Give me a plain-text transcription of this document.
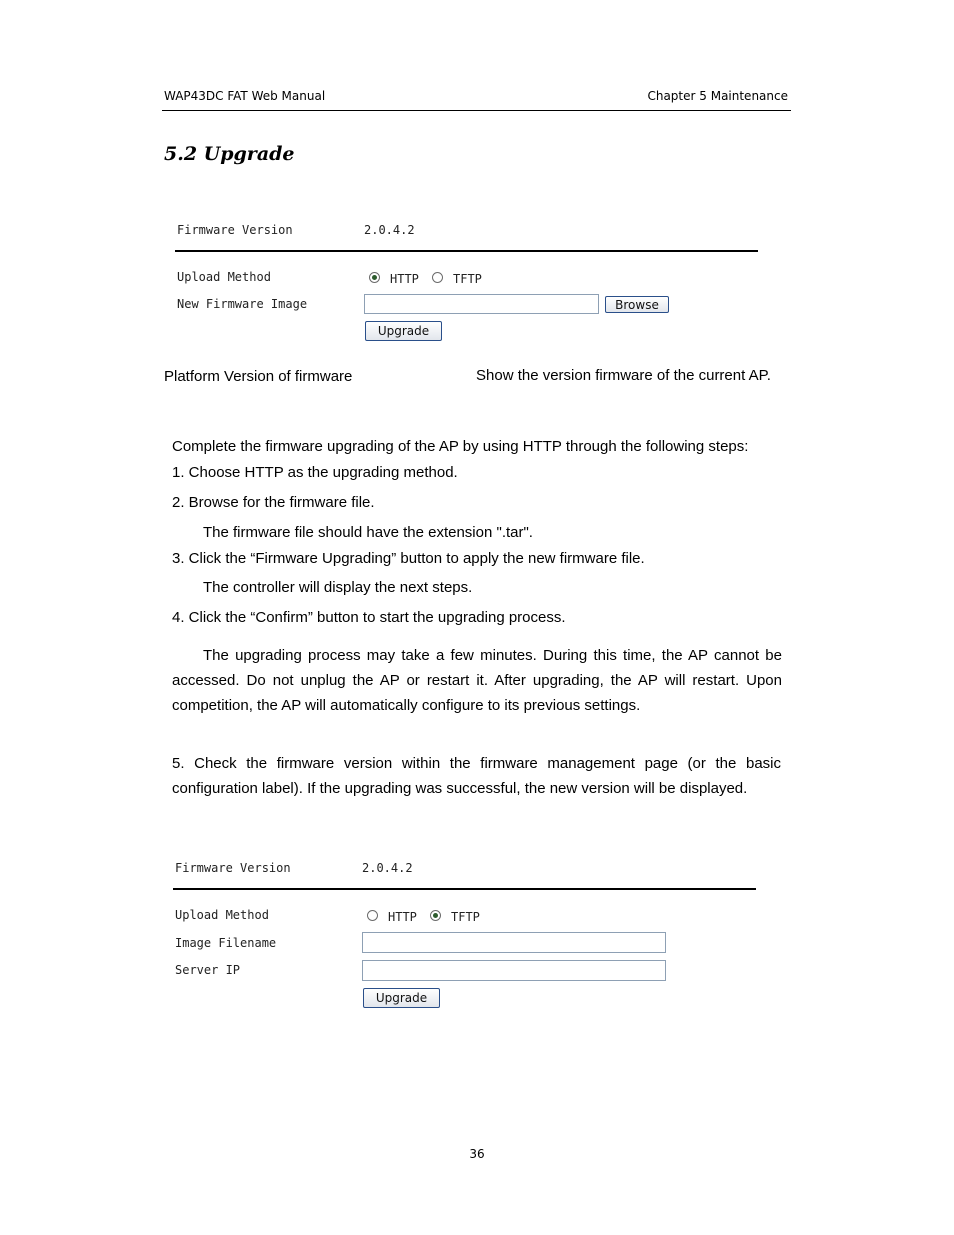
WAP43DC FAT Web Manual	Chapter 5 Maintenance
5.2 Upgrade
Firmware Version	2.0.4.2
Upload Method	HTTP	TFTP
New Firmware Image	Browse
Upgrade
Platform Version of firmware	Show the version firmware of the current AP.
Complete the firmware upgrading of the AP by using HTTP through the following steps:
1. Choose HTTP as the upgrading method.
2. Browse for the firmware file.
The firmware file should have the extension ".tar".
3. Click the “Firmware Upgrading” button to apply the new firmware file.
The controller will display the next steps.
4. Click the “Confirm” button to start the upgrading process.
The upgrading process may take a few minutes. During this time, the AP cannot be accessed. Do not unplug the AP or restart it. After upgrading, the AP will restart. Upon competition, the AP will automatically configure to its previous settings.
5. Check the firmware version within the firmware management page (or the basic configuration label). If the upgrading was successful, the new version will be displayed.
Firmware Version	2.0.4.2
Upload Method	HTTP	TFTP
Image Filename
Server IP
Upgrade
36
